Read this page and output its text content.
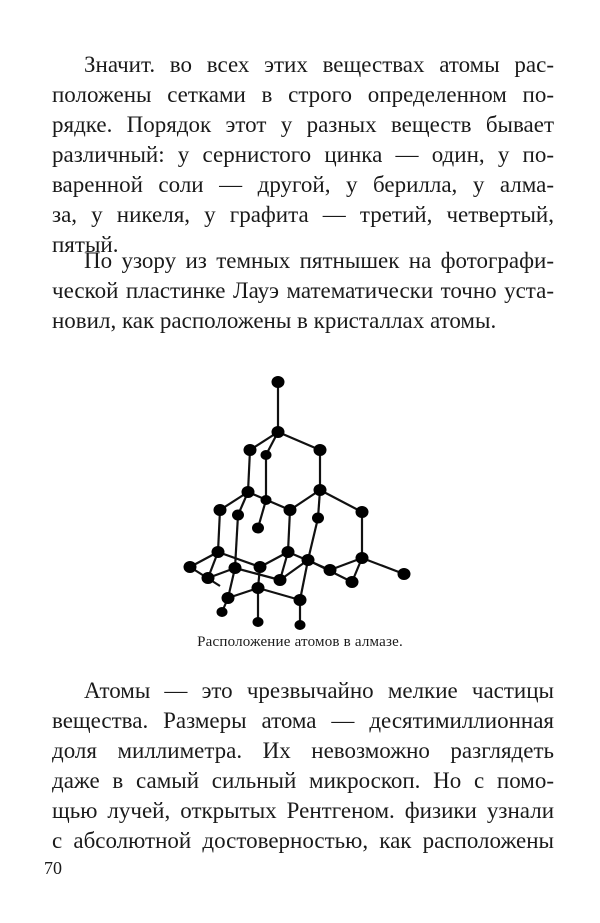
Значит. во всех этих веществах атомы рас-
положены сетками в строго определенном по-
рядке. Порядок этот у разных веществ бывает
различный: у сернистого цинка — один, у по-
варенной соли — другой, у берилла, у алма-
за, у никеля, у графита — третий, четвертый,
пятый.
По узору из темных пятнышек на фотографи-
ческой пластинке Лауэ математически точно уста-
новил, как расположены в кристаллах атомы.
Расположение атомов в алмазе.
Атомы — это чрезвычайно мелкие частицы
вещества. Размеры атома — десятимиллионная
доля миллиметра. Их невозможно разглядеть
даже в самый сильный микроскоп. Но с помо-
щью лучей, открытых Рентгеном. физики узнали
с абсолютной достоверностью, как расположены
70
